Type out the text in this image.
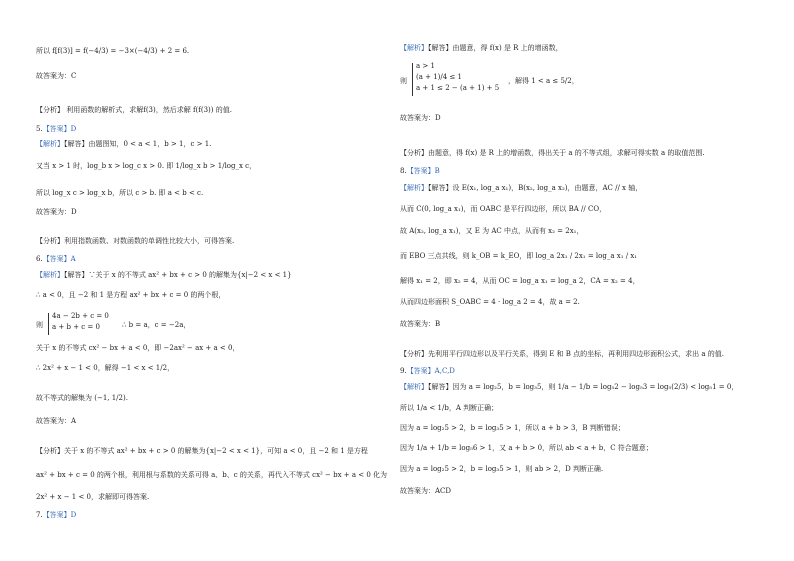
所以 f[f(3)] = f(−4/3) = −3×(−4/3) + 2 = 6.
故答案为：C
【分析】 利用函数的解析式，求解f(3)，然后求解 f(f(3)) 的值.
5.【答案】D
【解析】【解答】由题图知，0 < a < 1，b > 1，c > 1.
又当 x > 1 时，log_b x > log_c x > 0. 即 1/log_x b > 1/log_x c，
所以 log_x c > log_x b，所以 c > b. 即 a < b < c.
故答案为：D
【分析】利用指数函数、对数函数的单调性比较大小，可得答案.
6.【答案】A
【解析】【解答】∵关于 x 的不等式 ax² + bx + c > 0 的解集为{x|−2 < x < 1}
∴ a < 0，且 −2 和 1 是方程 ax² + bx + c = 0 的两个根，
则
4a − 2b + c = 0
a + b + c = 0	∴ b = a，c = −2a，
关于 x 的不等式 cx² − bx + a < 0，即 −2ax² − ax + a < 0，
∴ 2x² + x − 1 < 0，解得 −1 < x < 1/2，
故不等式的解集为 (−1, 1/2).
故答案为：A
【分析】关于 x 的不等式 ax² + bx + c > 0 的解集为{x|−2 < x < 1}，可知 a < 0，且 −2 和 1 是方程
ax² + bx + c = 0 的两个根，利用根与系数的关系可得 a、b、c 的关系，再代入不等式 cx² − bx + a < 0 化为
2x² + x − 1 < 0，求解即可得答案.
7.【答案】D
【解析】【解答】由题意，得 f(x) 是 R 上的增函数，
则
a > 1
(a + 1)/4 ≤ 1
a + 1 ≤ 2 − (a + 1) + 5
，解得 1 < a ≤ 5/2，
故答案为：D
【分析】由题意，得 f(x) 是 R 上的增函数，得出关于 a 的不等式组，求解可得实数 a 的取值范围.
8.【答案】B
【解析】【解答】设 E(x₁, log_a x₁)，B(x₂, log_a x₂)，由题意，AC // x 轴，
从而 C(0, log_a x₁)，而 OABC 是平行四边形，所以 BA // CO，
故 A(x₂, log_a x₁)，又 E 为 AC 中点，从而有 x₂ = 2x₁，
而 EBO 三点共线，则 k_OB = k_EO，即 log_a 2x₁ / 2x₁ = log_a x₁ / x₁
解得 x₁ = 2，即 x₂ = 4，从而 OC = log_a x₁ = log_a 2，CA = x₂ = 4，
从而四边形面积 S_OABC = 4 · log_a 2 = 4，故 a = 2.
故答案为：B
【分析】先利用平行四边形以及平行关系，得到 E 和 B 点的坐标，再利用四边形面积公式，求出 a 的值.
9.【答案】A,C,D
【解析】【解答】因为 a = log₂5，b = log₃5，则 1/a − 1/b = log₅2 − log₅3 = log₅(2/3) < log₅1 = 0，
所以 1/a < 1/b，A 判断正确；
因为 a = log₂5 > 2，b = log₃5 > 1，所以 a + b > 3，B 判断错误；
因为 1/a + 1/b = log₅6 > 1，又 a + b > 0，所以 ab < a + b，C 符合题意；
因为 a = log₂5 > 2，b = log₃5 > 1，则 ab > 2，D 判断正确.
故答案为：ACD
